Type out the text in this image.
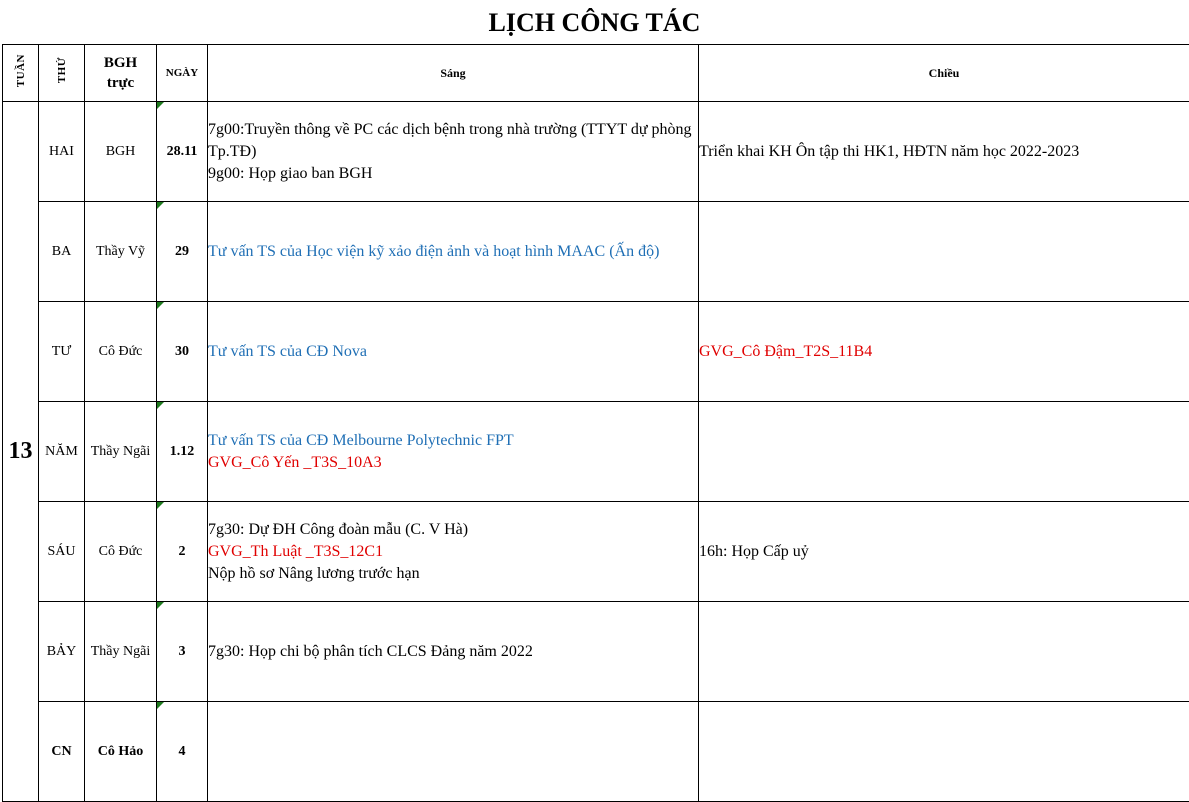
LỊCH CÔNG TÁC
TUẦN	THỨ	BGH trực	NGÀY	Sáng	Chiều
13	HAI	BGH	28.11	7g00:Truyền thông về PC các dịch bệnh trong nhà trường (TTYT dự phòng Tp.TĐ)
9g00: Họp giao ban BGH	Triển khai KH Ôn tập thi HK1, HĐTN năm học 2022-2023

	BA	Thầy Vỹ	29	Tư vấn TS của Học viện kỹ xảo điện ảnh và hoạt hình MAAC (Ấn độ)	

	TƯ	Cô Đức	30	Tư vấn TS của CĐ Nova	GVG_Cô Đậm_T2S_11B4

	NĂM	Thầy Ngãi	1.12	Tư vấn TS của CĐ Melbourne Polytechnic FPT
GVG_Cô Yến _T3S_10A3	

	SÁU	Cô Đức	2	7g30: Dự ĐH Công đoàn mẫu (C. V Hà)
GVG_Th Luật _T3S_12C1
Nộp hồ sơ Nâng lương trước hạn	16h: Họp Cấp uỷ

	BẢY	Thầy Ngãi	3	7g30: Họp chi bộ phân tích CLCS Đảng năm 2022	

	CN	Cô Hảo	4		
